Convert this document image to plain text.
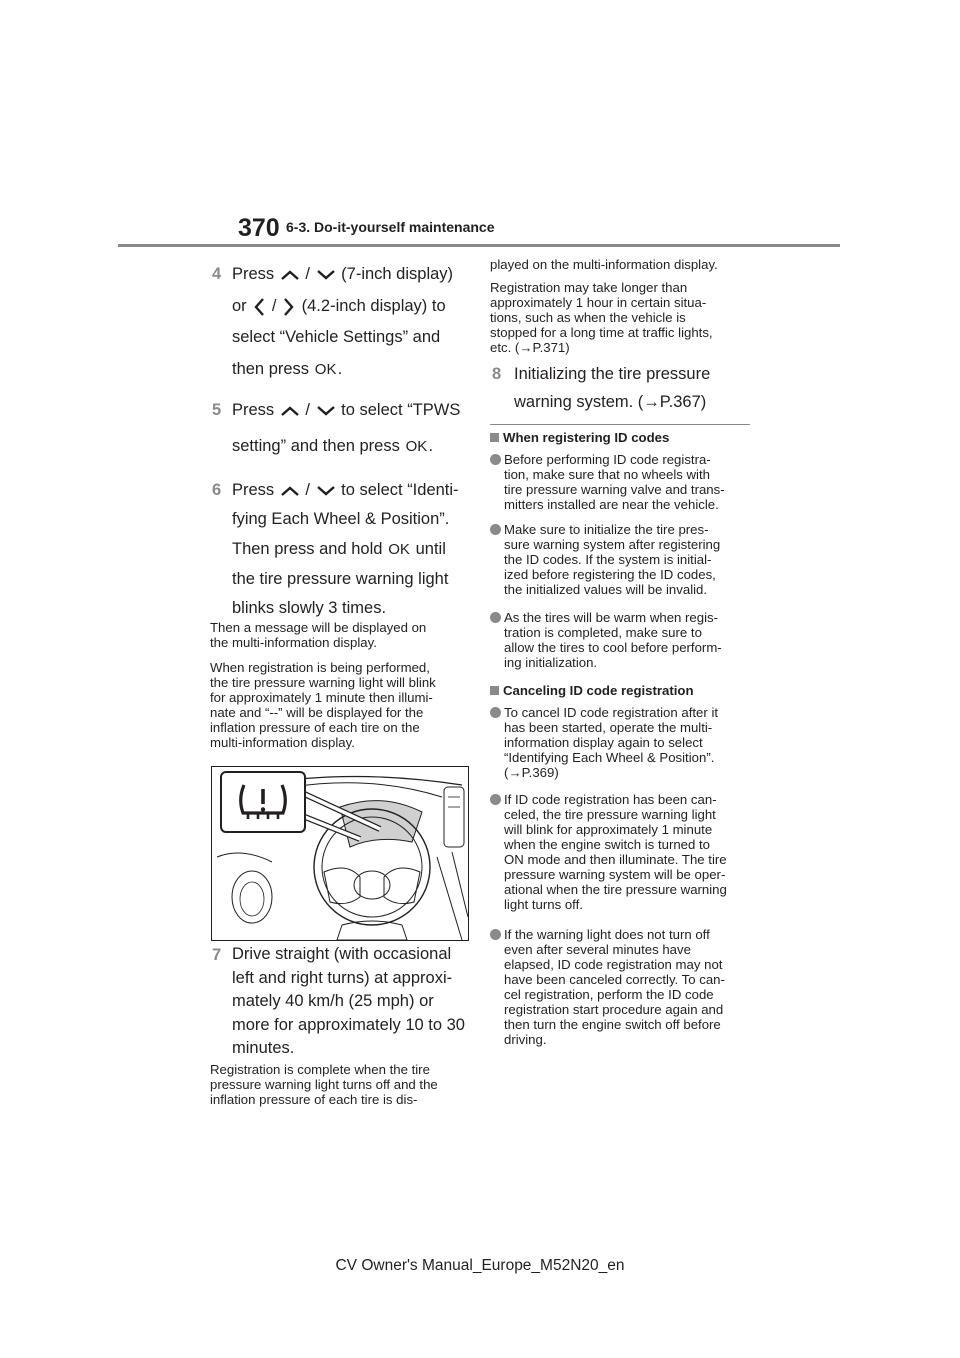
370 6-3. Do-it-yourself maintenance
4 Press / (7-inch display)
or / (4.2-inch display) to
select “Vehicle Settings” and
then press OK.
5 Press / to select “TPWS
setting” and then press OK.
6 Press / to select “Identi-
fying Each Wheel & Position”.
Then press and hold OK until
the tire pressure warning light
blinks slowly 3 times.
Then a message will be displayed on
the multi-information display.
When registration is being performed,
the tire pressure warning light will blink
for approximately 1 minute then illumi-
nate and “--” will be displayed for the
inflation pressure of each tire on the
multi-information display.
7 Drive straight (with occasional
left and right turns) at approxi-
mately 40 km/h (25 mph) or
more for approximately 10 to 30
minutes.
Registration is complete when the tire
pressure warning light turns off and the
inflation pressure of each tire is dis-
played on the multi-information display.
Registration may take longer than
approximately 1 hour in certain situa-
tions, such as when the vehicle is
stopped for a long time at traffic lights,
etc. (→P.371)
8 Initializing the tire pressure
warning system. (→P.367)
When registering ID codes
Before performing ID code registra-
tion, make sure that no wheels with
tire pressure warning valve and trans-
mitters installed are near the vehicle.
Make sure to initialize the tire pres-
sure warning system after registering
the ID codes. If the system is initial-
ized before registering the ID codes,
the initialized values will be invalid.
As the tires will be warm when regis-
tration is completed, make sure to
allow the tires to cool before perform-
ing initialization.
Canceling ID code registration
To cancel ID code registration after it
has been started, operate the multi-
information display again to select
“Identifying Each Wheel & Position”.
(→P.369)
If ID code registration has been can-
celed, the tire pressure warning light
will blink for approximately 1 minute
when the engine switch is turned to
ON mode and then illuminate. The tire
pressure warning system will be oper-
ational when the tire pressure warning
light turns off.
If the warning light does not turn off
even after several minutes have
elapsed, ID code registration may not
have been canceled correctly. To can-
cel registration, perform the ID code
registration start procedure again and
then turn the engine switch off before
driving.
CV Owner's Manual_Europe_M52N20_en
